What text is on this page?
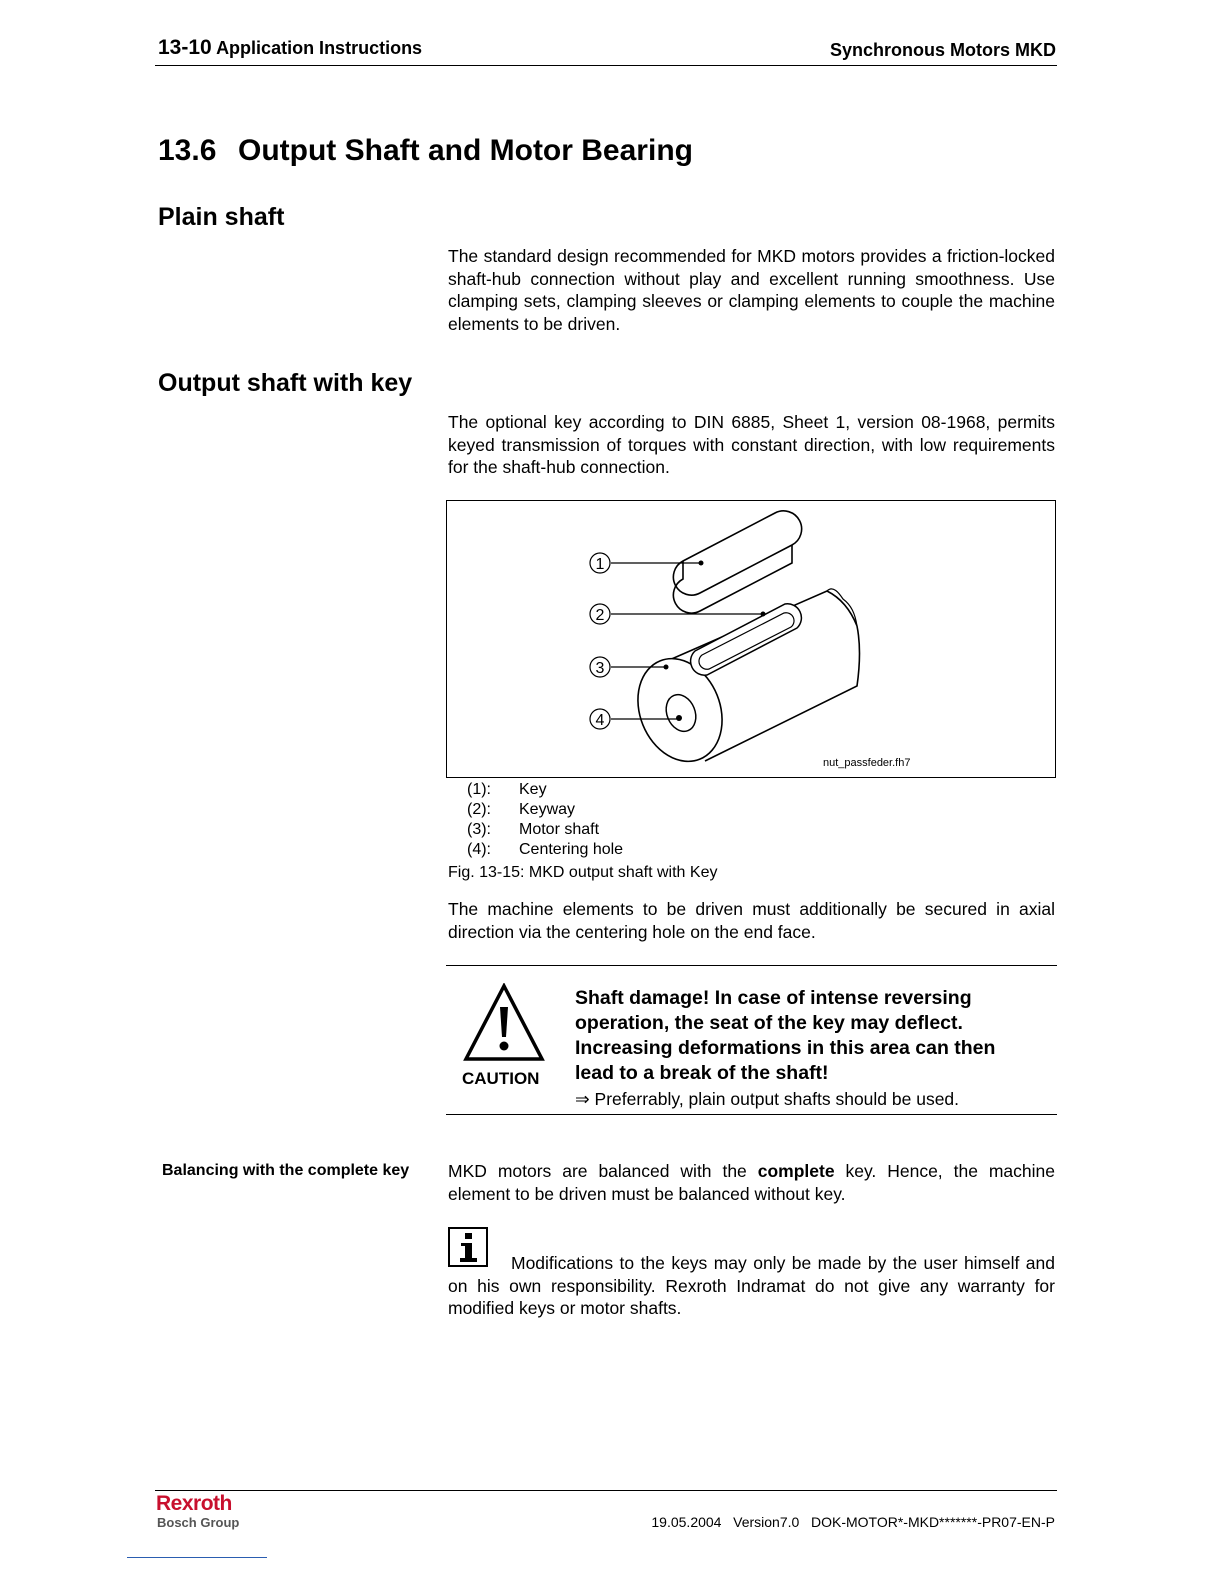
13-10 Application Instructions	Synchronous Motors MKD
13.6 Output Shaft and Motor Bearing
Plain shaft
The standard design recommended for MKD motors provides a friction-locked shaft-hub connection without play and excellent running smoothness. Use clamping sets, clamping sleeves or clamping elements to couple the machine elements to be driven.
Output shaft with key
The optional key according to DIN 6885, Sheet 1, version 08-1968, permits keyed transmission of torques with constant direction, with low requirements for the shaft-hub connection.
1
2
3
4
nut_passfeder.fh7
(1):	Key
(2):	Keyway
(3):	Motor shaft
(4):	Centering hole
Fig. 13-15: MKD output shaft with Key
The machine elements to be driven must additionally be secured in axial direction via the centering hole on the end face.
CAUTION
Shaft damage! In case of intense reversing operation, the seat of the key may deflect. Increasing deformations in this area can then lead to a break of the shaft!
⇒ Preferrably, plain output shafts should be used.
Balancing with the complete key MKD motors are balanced with the complete key. Hence, the machine element to be driven must be balanced without key.
Modifications to the keys may only be made by the user himself and on his own responsibility. Rexroth Indramat do not give any warranty for modified keys or motor shafts.
Rexroth
Bosch Group	19.05.2004 Version7.0 DOK-MOTOR*-MKD*******-PR07-EN-P
